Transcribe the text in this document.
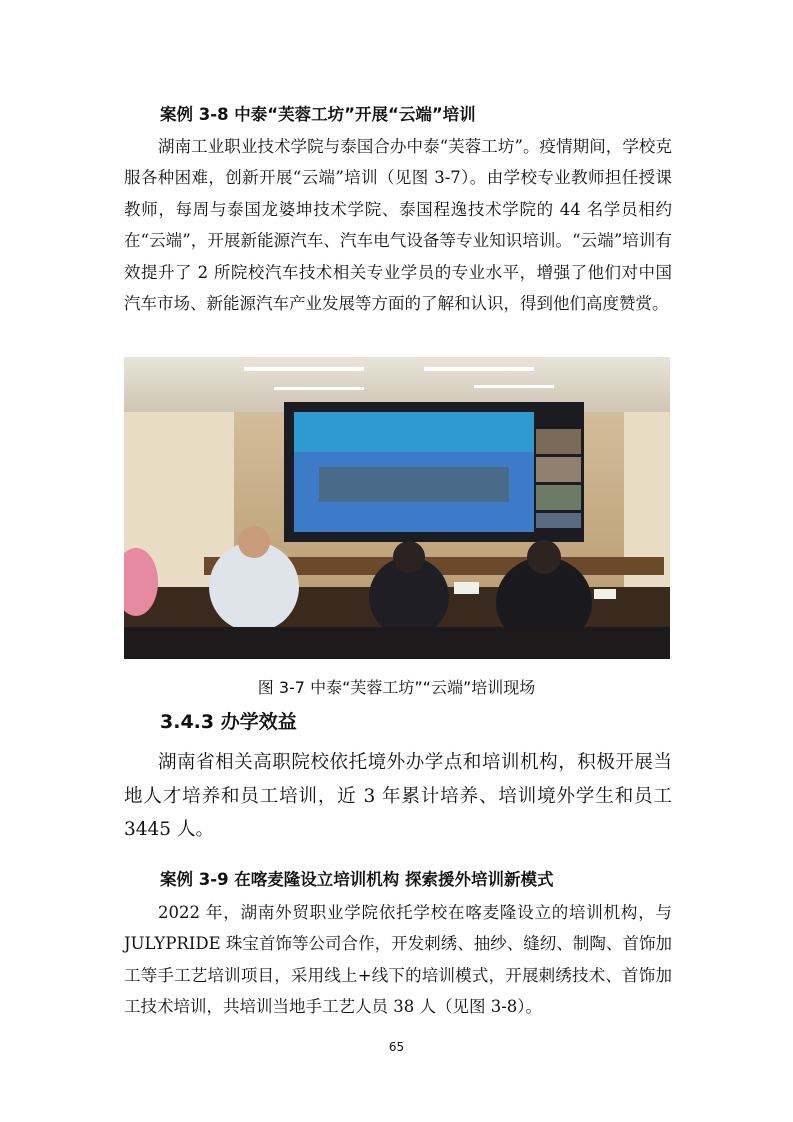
案例 3-8 中泰“芙蓉工坊”开展“云端”培训

湖南工业职业技术学院与泰国合办中泰“芙蓉工坊”。疫情期间，学校克服各种困难，创新开展“云端”培训（见图 3-7）。由学校专业教师担任授课教师，每周与泰国龙婆坤技术学院、泰国程逸技术学院的 44 名学员相约在“云端”，开展新能源汽车、汽车电气设备等专业知识培训。“云端”培训有效提升了 2 所院校汽车技术相关专业学员的专业水平，增强了他们对中国汽车市场、新能源汽车产业发展等方面的了解和认识，得到他们高度赞赏。

图 3-7 中泰“芙蓉工坊”“云端”培训现场
3.4.3 办学效益

湖南省相关高职院校依托境外办学点和培训机构，积极开展当地人才培养和员工培训，近 3 年累计培养、培训境外学生和员工 3445 人。

案例 3-9 在喀麦隆设立培训机构 探索援外培训新模式

2022 年，湖南外贸职业学院依托学校在喀麦隆设立的培训机构，与 JULYPRIDE 珠宝首饰等公司合作，开发刺绣、抽纱、缝纫、制陶、首饰加工等手工艺培训项目，采用线上+线下的培训模式，开展刺绣技术、首饰加工技术培训，共培训当地手工艺人员 38 人（见图 3-8）。

65
